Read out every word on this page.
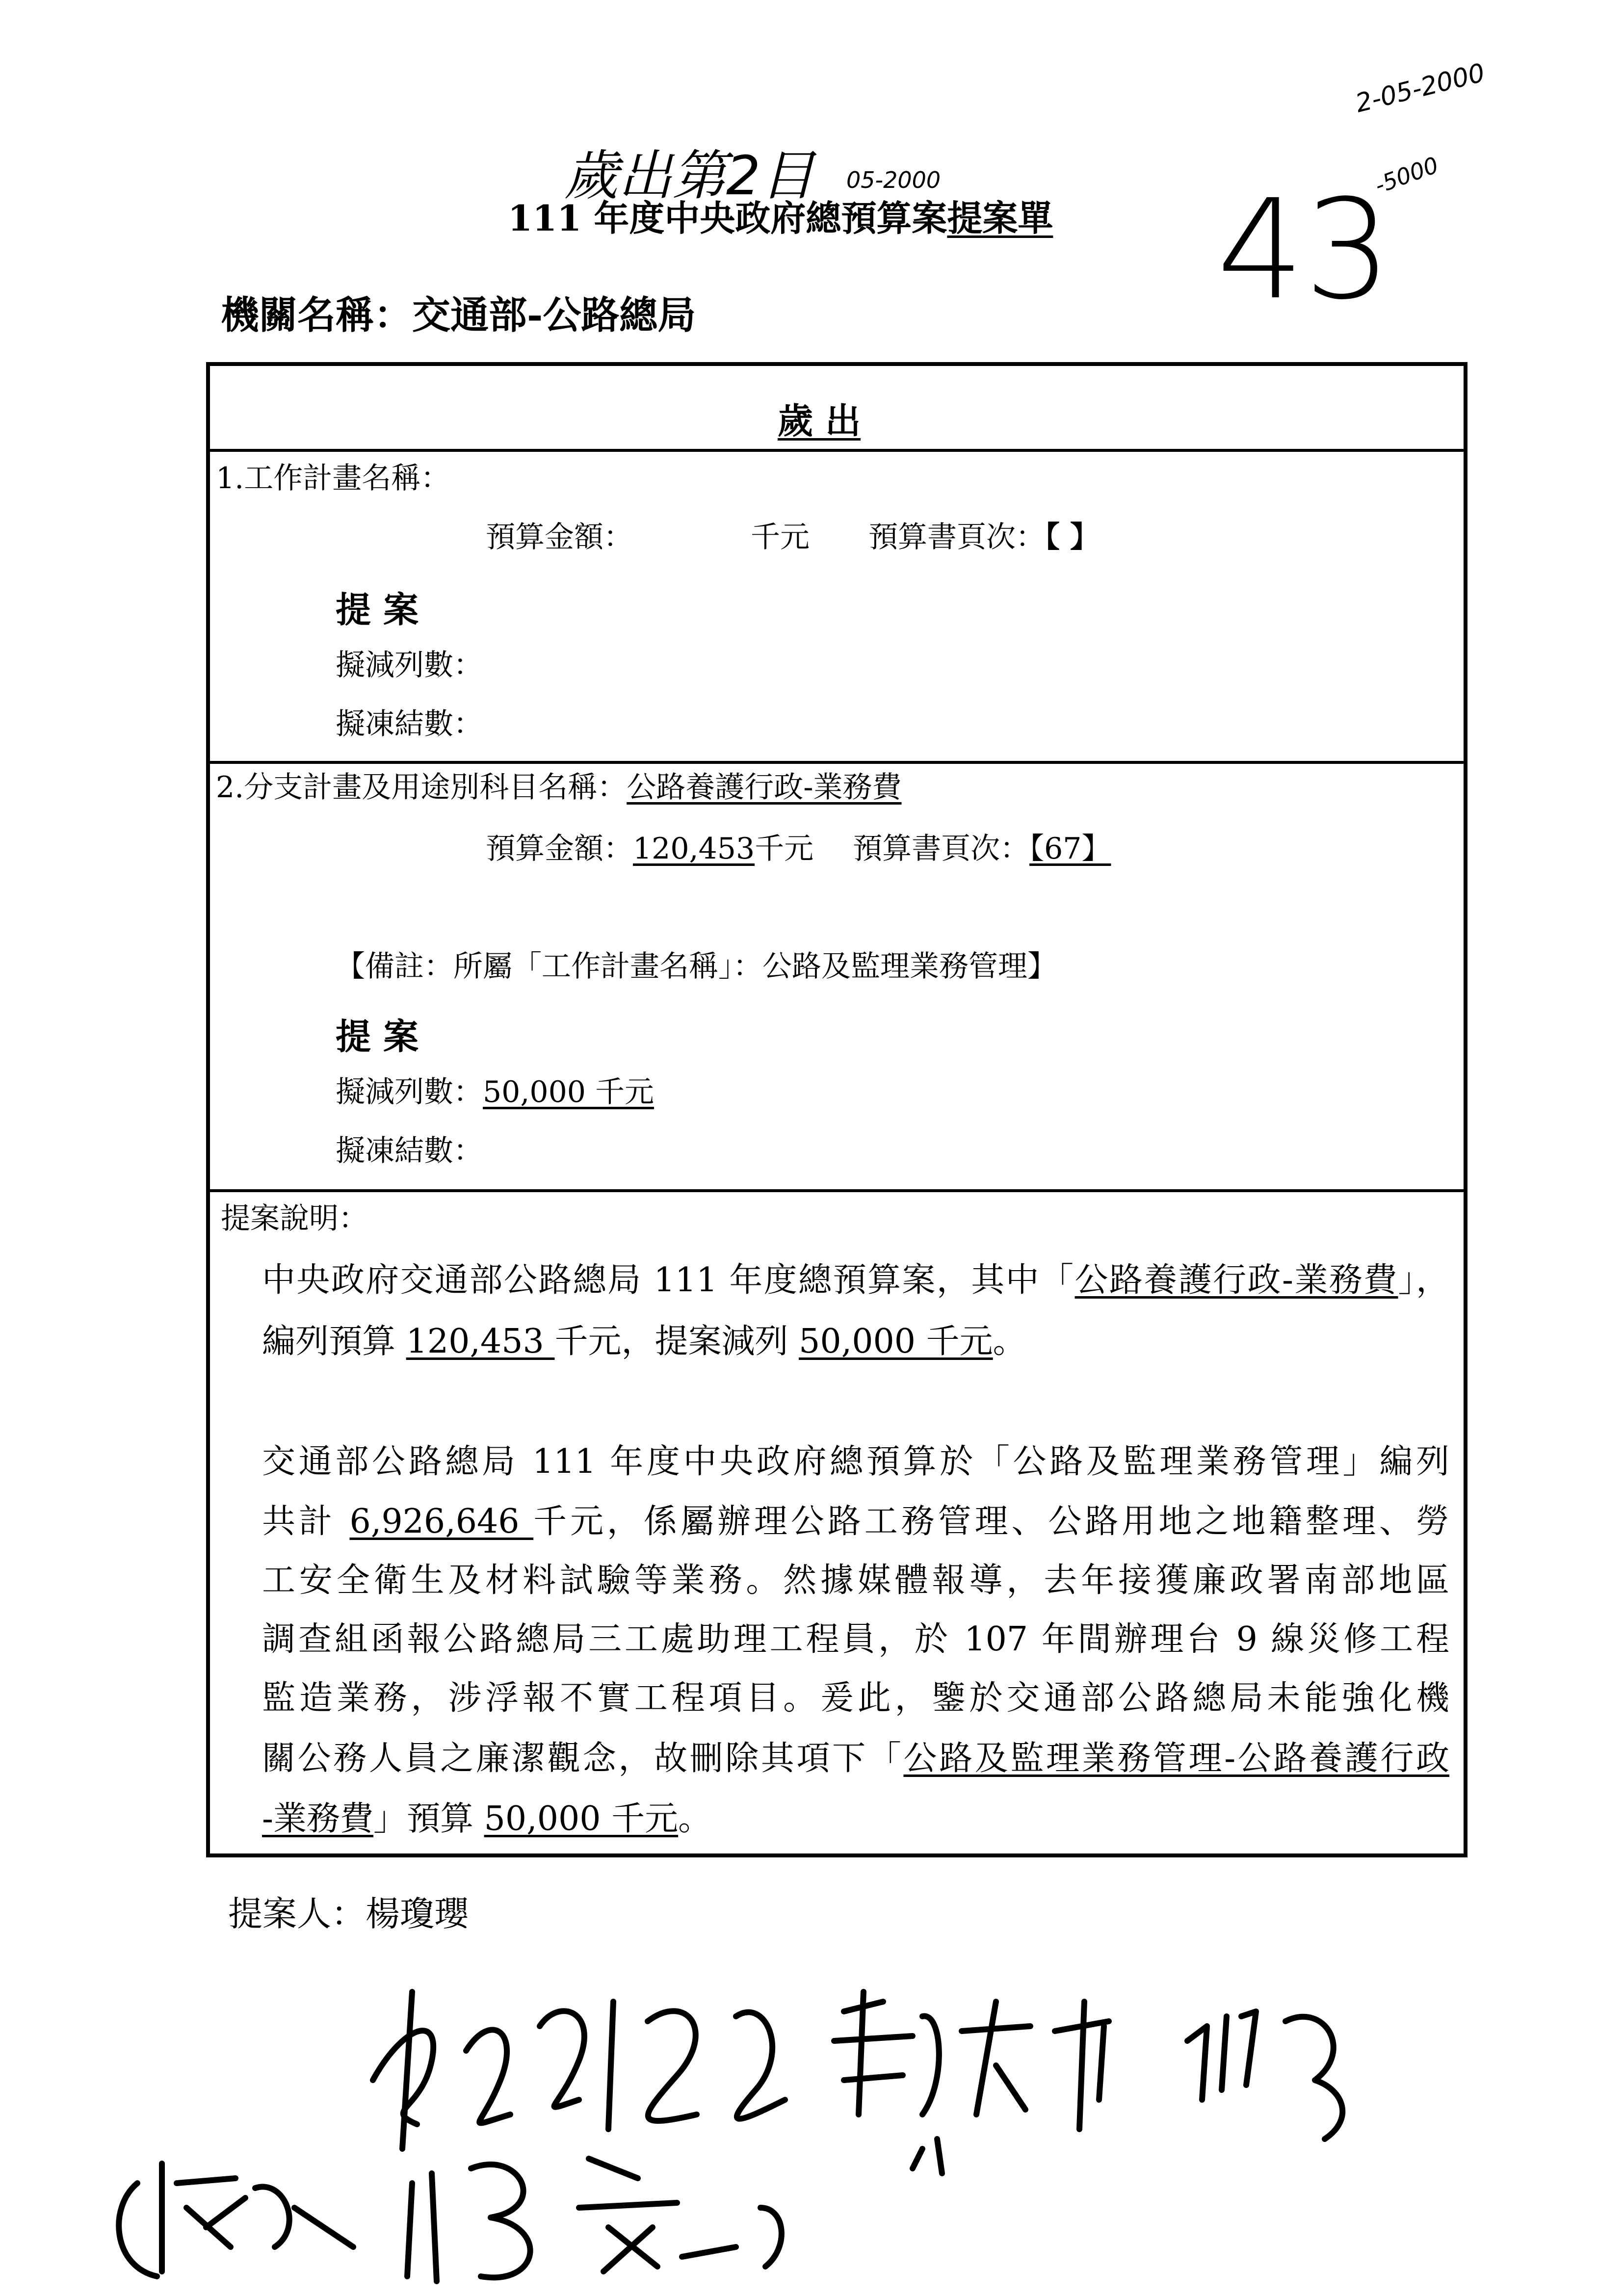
2-05-2000
歲出第2目 05-2000 43
-5000
111 年度中央政府總預算案提案單
機關名稱：交通部-公路總局
歲 出
1.工作計畫名稱：
預算金額：	千元 預算書頁次：【 】
提 案
擬減列數：
擬凍結數：
2.分支計畫及用途別科目名稱：公路養護行政-業務費
預算金額：120,453千元 預算書頁次：【67】
【備註：所屬「工作計畫名稱」：公路及監理業務管理】
提 案
擬減列數：50,000 千元
擬凍結數：
提案說明：
中央政府交通部公路總局 111 年度總預算案，其中「公路養護行政-業務費」，
編列預算 120,453 千元，提案減列 50,000 千元。
交通部公路總局 111 年度中央政府總預算於「公路及監理業務管理」編列
共計 6,926,646 千元，係屬辦理公路工務管理、公路用地之地籍整理、勞
工安全衛生及材料試驗等業務。然據媒體報導，去年接獲廉政署南部地區
調查組函報公路總局三工處助理工程員，於 107 年間辦理台 9 線災修工程
監造業務，涉浮報不實工程項目。爰此，鑒於交通部公路總局未能強化機
關公務人員之廉潔觀念，故刪除其項下「公路及監理業務管理-公路養護行政
-業務費」預算 50,000 千元。
提案人：楊瓊瓔
